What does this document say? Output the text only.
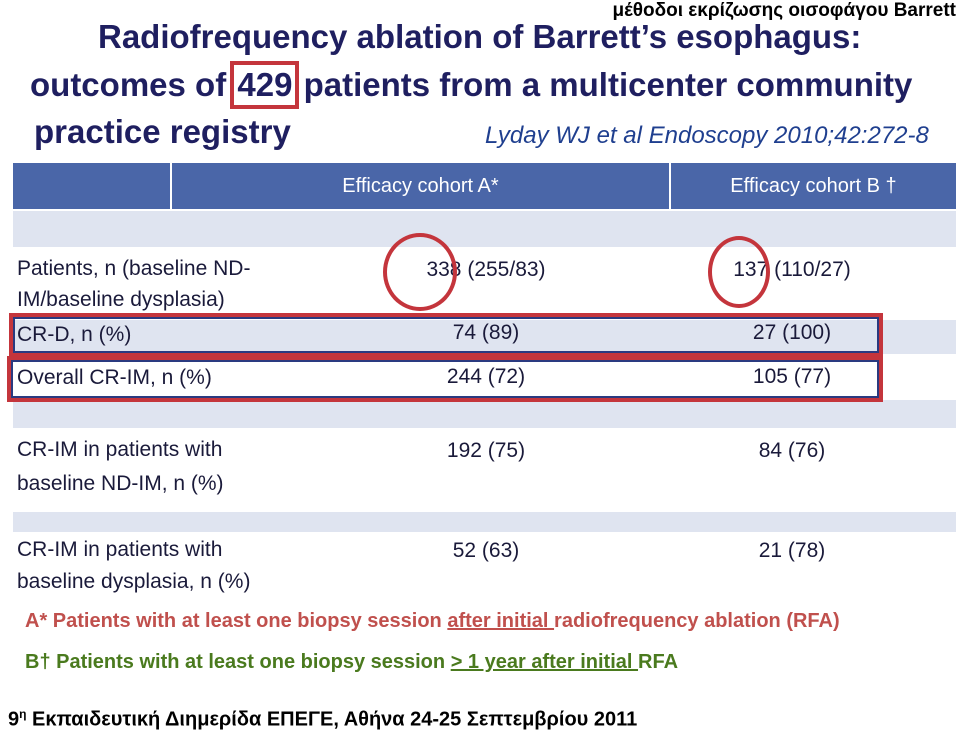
μέθοδοι εκρίζωσης οισοφάγου Barrett
Radiofrequency ablation of Barrett’s esophagus:
outcomes of 429 patients from a multicenter community
practice registry	Lyday WJ et al Endoscopy 2010;42:272-8
Efficacy cohort A*	Efficacy cohort B †
Patients, n (baseline ND-
IM/baseline dysplasia)
338 (255/83)	137 (110/27)
CR-D, n (%)	74 (89)	27 (100)
Overall CR-IM, n (%)	244 (72)	105 (77)
CR-IM in patients with
baseline ND-IM, n (%)
192 (75)	84 (76)
CR-IM in patients with
baseline dysplasia, n (%)
52 (63)	21 (78)
A* Patients with at least one biopsy session after initial radiofrequency ablation (RFA)
B† Patients with at least one biopsy session > 1 year after initial RFA
$9^\eta$ Εκπαιδευτική Διημερίδα ΕΠΕΓΕ, Αθήνα 24-25 Σεπτεμβρίου 2011
